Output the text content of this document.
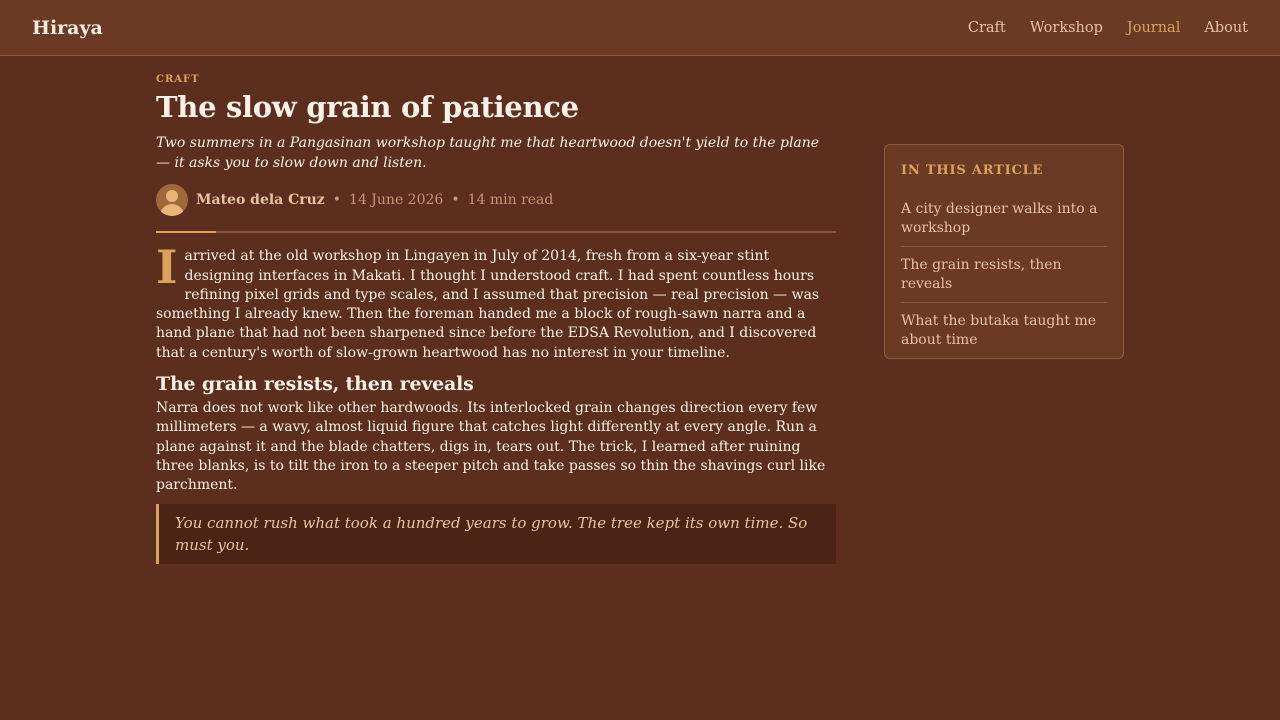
Hiraya	Craft Workshop Journal About
CRAFT
The slow grain of patience

Two summers in a Pangasinan workshop taught me that heartwood doesn't yield to the plane — it asks you to slow down and listen.

Mateo dela Cruz • 14 June 2026 • 14 min read

Iarrived at the old workshop in Lingayen in July of 2014, fresh from a six-year stint designing interfaces in Makati. I thought I understood craft. I had spent countless hours refining pixel grids and type scales, and I assumed that precision — real precision — was something I already knew. Then the foreman handed me a block of rough-sawn narra and a hand plane that had not been sharpened since before the EDSA Revolution, and I discovered that a century's worth of slow-grown heartwood has no interest in your timeline.

The grain resists, then reveals

Narra does not work like other hardwoods. Its interlocked grain changes direction every few millimeters — a wavy, almost liquid figure that catches light differently at every angle. Run a plane against it and the blade chatters, digs in, tears out. The trick, I learned after ruining three blanks, is to tilt the iron to a steeper pitch and take passes so thin the shavings curl like parchment.

You cannot rush what took a hundred years to grow. The tree kept its own time. So must you.
IN THIS ARTICLE
A city designer walks into a workshop
The grain resists, then reveals
What the butaka taught me about time
